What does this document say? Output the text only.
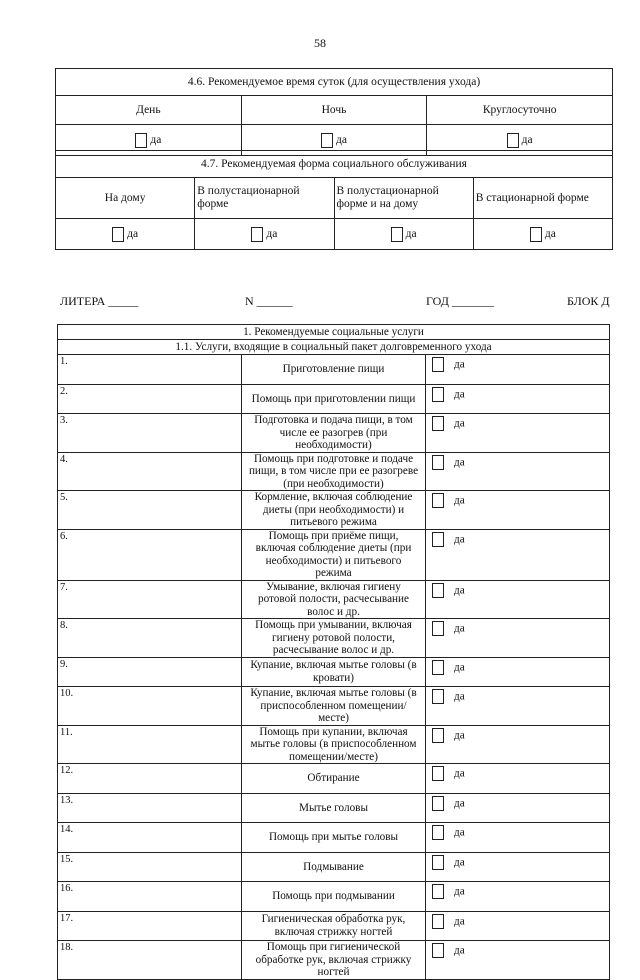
58
4.6. Рекомендуемое время суток (для осуществления ухода)		
День	Ночь	Круглосуточно
да	да	да
4.7. Рекомендуемая форма социального обслуживания			
На дому	В полустационарной форме	В полустационарной форме и на дому	В стационарной форме
да	да	да	да
ЛИТЕРА _____	N ______	ГОД _______	БЛОК Д
1. Рекомендуемые социальные услуги		
1.1. Услуги, входящие в социальный пакет долговременного ухода		
1.	Приготовление пищи	да
2.	Помощь при приготовлении пищи	да
3.	Подготовка и подача пищи, в том числе ее разогрев (при необходимости)	да
4.	Помощь при подготовке и подаче пищи, в том числе при ее разогреве (при необходимости)	да
5.	Кормление, включая соблюдение диеты (при необходимости) и питьевого режима	да
6.	Помощь при приёме пищи, включая соблюдение диеты (при необходимости) и питьевого режима	да
7.	Умывание, включая гигиену ротовой полости, расчесывание волос и др.	да
8.	Помощь при умывании, включая гигиену ротовой полости, расчесывание волос и др.	да
9.	Купание, включая мытье головы (в кровати)	да
10.	Купание, включая мытье головы (в приспособленном помещении/месте)	да
11.	Помощь при купании, включая мытье головы (в приспособленном помещении/месте)	да
12.	Обтирание	да
13.	Мытье головы	да
14.	Помощь при мытье головы	да
15.	Подмывание	да
16.	Помощь при подмывании	да
17.	Гигиеническая обработка рук, включая стрижку ногтей	да
18.	Помощь при гигиенической обработке рук, включая стрижку ногтей	да
